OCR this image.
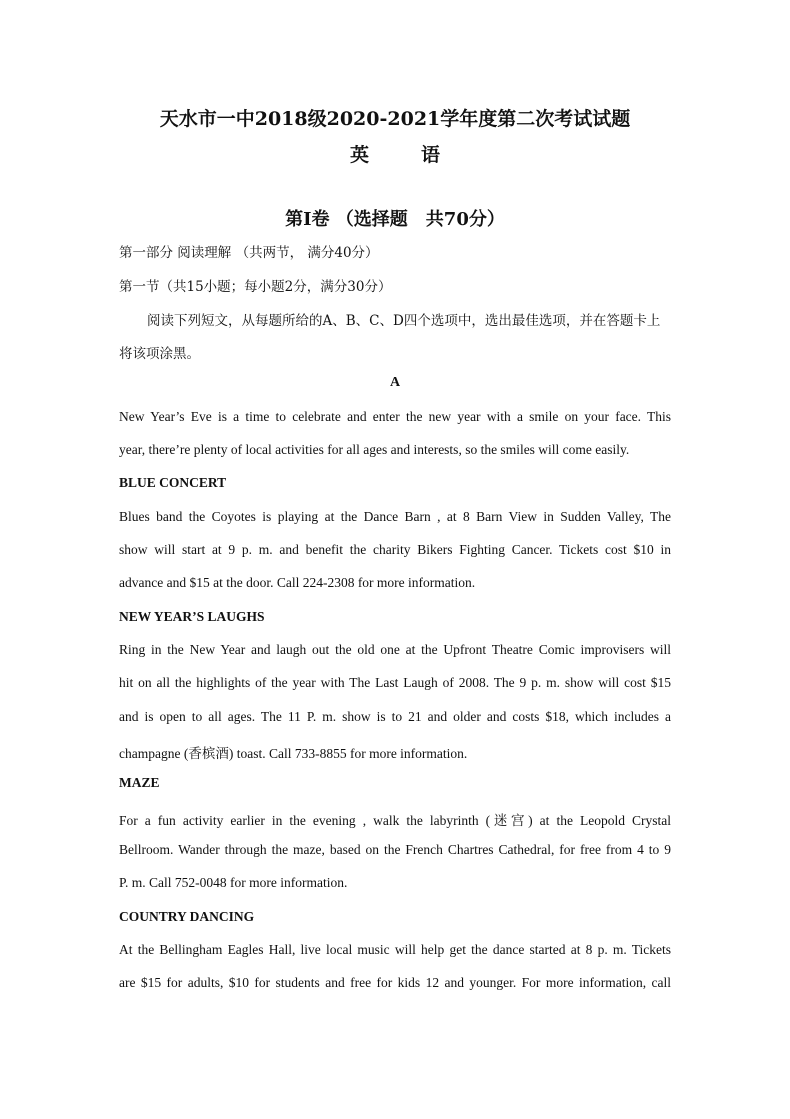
天水市一中2018级2020-2021学年度第二次考试试题
英	语
第Ⅰ卷 （选择题　共70分）
第一部分 阅读理解 （共两节， 满分40分）
第一节（共15小题；每小题2分，满分30分）
阅读下列短文，从每题所给的A、B、C、D四个选项中，选出最佳选项，并在答题卡上
将该项涂黑。
A
New Year’s Eve is a time to celebrate and enter the new year with a smile on your face. This
year, there’re plenty of local activities for all ages and interests, so the smiles will come easily.
BLUE CONCERT
Blues band the Coyotes is playing at the Dance Barn , at 8 Barn View in Sudden Valley, The
show will start at 9 p. m. and benefit the charity Bikers Fighting Cancer. Tickets cost $10 in
advance and $15 at the door. Call 224-2308 for more information.
NEW YEAR’S LAUGHS
Ring in the New Year and laugh out the old one at the Upfront Theatre Comic improvisers will
hit on all the highlights of the year with The Last Laugh of 2008. The 9 p. m. show will cost $15
and is open to all ages. The 11 P. m. show is to 21 and older and costs $18, which includes a
champagne (香槟酒) toast. Call 733-8855 for more information.
MAZE
For a fun activity earlier in the evening , walk the labyrinth (迷宫) at the Leopold Crystal
Bellroom. Wander through the maze, based on the French Chartres Cathedral, for free from 4 to 9
P. m. Call 752-0048 for more information.
COUNTRY DANCING
At the Bellingham Eagles Hall, live local music will help get the dance started at 8 p. m. Tickets
are $15 for adults, $10 for students and free for kids 12 and younger. For more information, call
